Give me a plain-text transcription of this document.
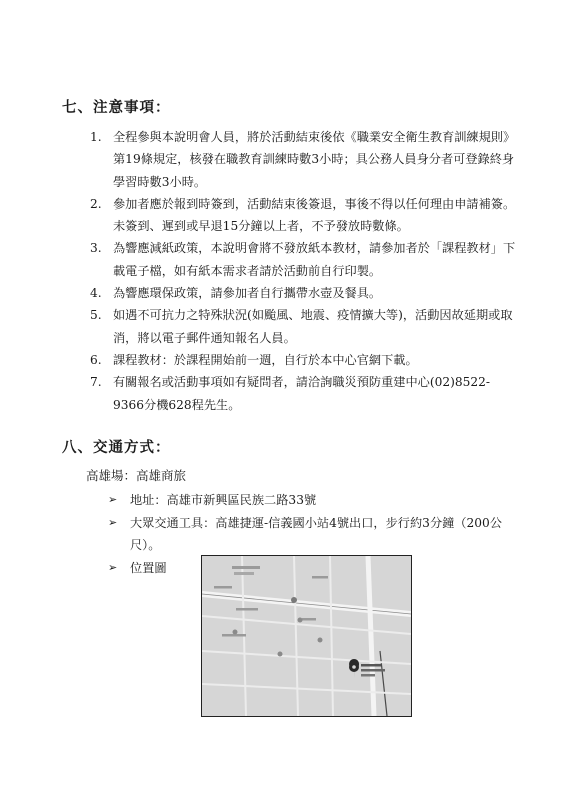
七、注意事項：
1. 全程參與本說明會人員，將於活動結束後依《職業安全衛生教育訓練規則》第19條規定，核發在職教育訓練時數3小時；具公務人員身分者可登錄終身學習時數3小時。
2. 參加者應於報到時簽到，活動結束後簽退，事後不得以任何理由申請補簽。未簽到、遲到或早退15分鐘以上者，不予發放時數條。
3. 為響應減紙政策，本說明會將不發放紙本教材，請參加者於「課程教材」下載電子檔，如有紙本需求者請於活動前自行印製。
4. 為響應環保政策，請參加者自行攜帶水壺及餐具。
5. 如遇不可抗力之特殊狀況(如颱風、地震、疫情擴大等)，活動因故延期或取消，將以電子郵件通知報名人員。
6. 課程教材：於課程開始前一週，自行於本中心官網下載。
7. 有關報名或活動事項如有疑問者，請洽詢職災預防重建中心(02)8522-9366分機628程先生。
八、交通方式：
高雄場：高雄商旅
➢ 地址：高雄市新興區民族二路33號
➢ 大眾交通工具：高雄捷運-信義國小站4號出口，步行約3分鐘（200公尺）。
➢ 位置圖
